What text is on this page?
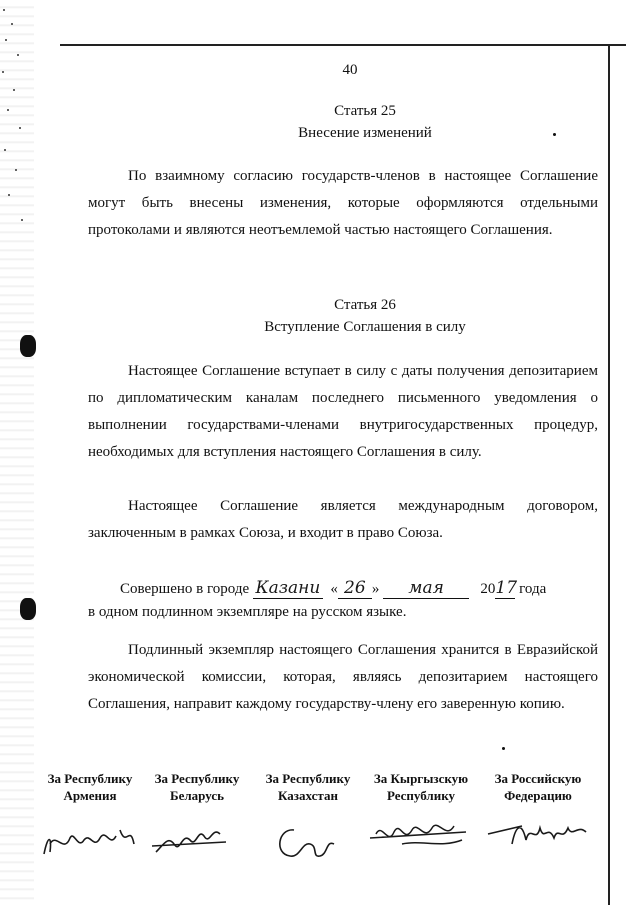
40
Статья 25
Внесение изменений
По взаимному согласию государств-членов в настоящее Соглашение могут быть внесены изменения, которые оформляются отдельными протоколами и являются неотъемлемой частью настоящего Соглашения.
Статья 26
Вступление Соглашения в силу
Настоящее Соглашение вступает в силу с даты получения депозитарием по дипломатическим каналам последнего письменного уведомления о выполнении государствами-членами внутригосударственных процедур, необходимых для вступления настоящего Соглашения в силу.
Настоящее Соглашение является международным договором, заключенным в рамках Союза, и входит в право Союза.
Совершено в городе Казани « 26 » мая 2017 года
в одном подлинном экземпляре на русском языке.
Подлинный экземпляр настоящего Соглашения хранится в Евразийской экономической комиссии, которая, являясь депозитарием настоящего Соглашения, направит каждому государству-члену его заверенную копию.
За Республику
Армения
За Республику
Беларусь
За Республику
Казахстан
За Кыргызскую
Республику
За Российскую
Федерацию
